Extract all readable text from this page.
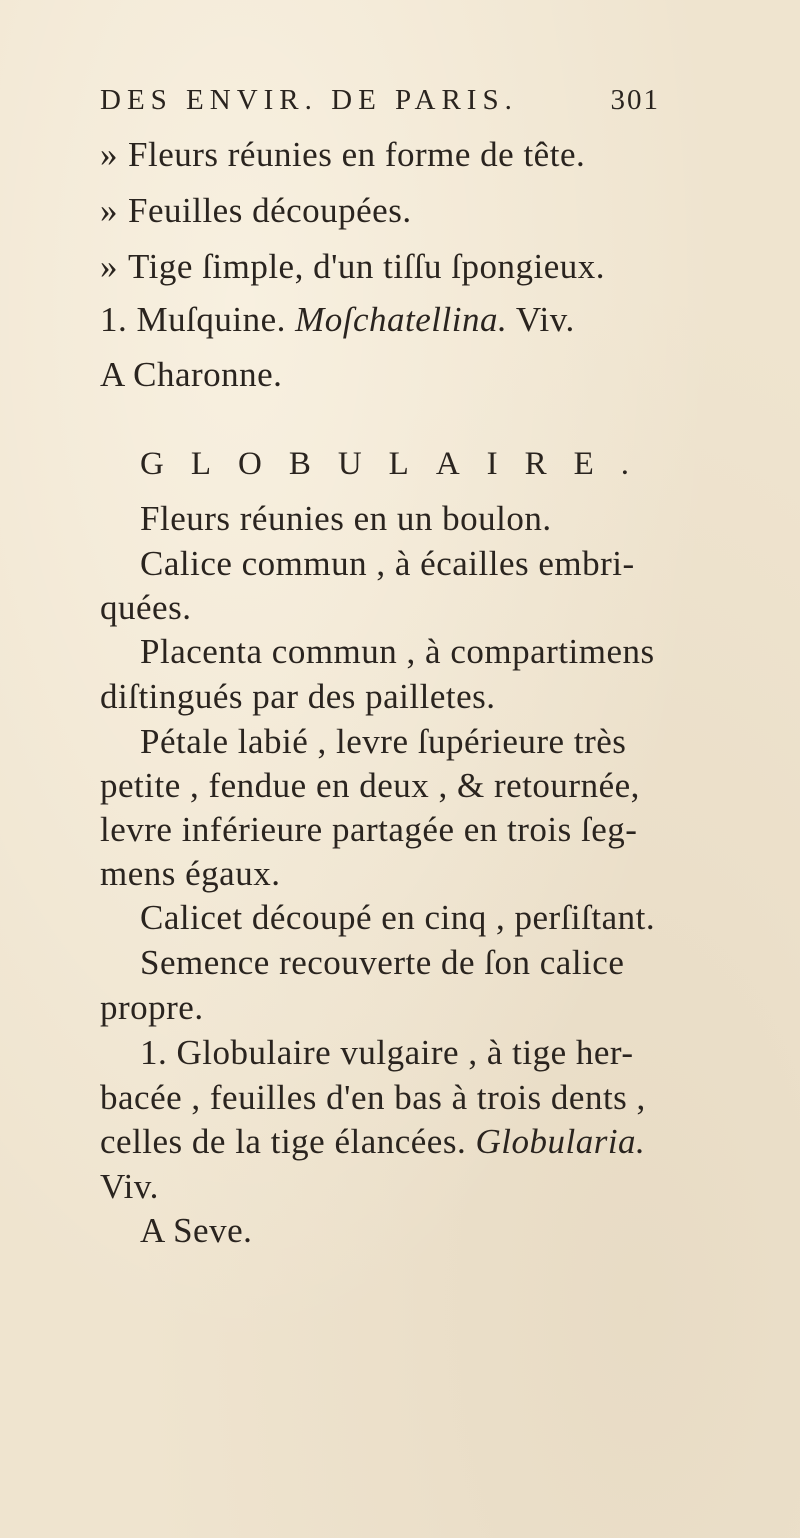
DES ENVIR. DE PARIS.	301
» Fleurs réunies en forme de tête.
» Feuilles découpées.
» Tige ſimple, d'un tiſſu ſpongieux.
1. Muſquine. Moſchatellina. Viv.
A Charonne.
GLOBULAIRE.
Fleurs réunies en un boulon.
Calice commun , à écailles embri-
quées.
Placenta commun , à compartimens
diſtingués par des pailletes.
Pétale labié , levre ſupérieure très
petite , fendue en deux , & retournée,
levre inférieure partagée en trois ſeg-
mens égaux.
Calicet découpé en cinq , perſiſtant.
Semence recouverte de ſon calice
propre.
1. Globulaire vulgaire , à tige her-
bacée , feuilles d'en bas à trois dents ,
celles de la tige élancées. Globularia.
Viv.
A Seve.
